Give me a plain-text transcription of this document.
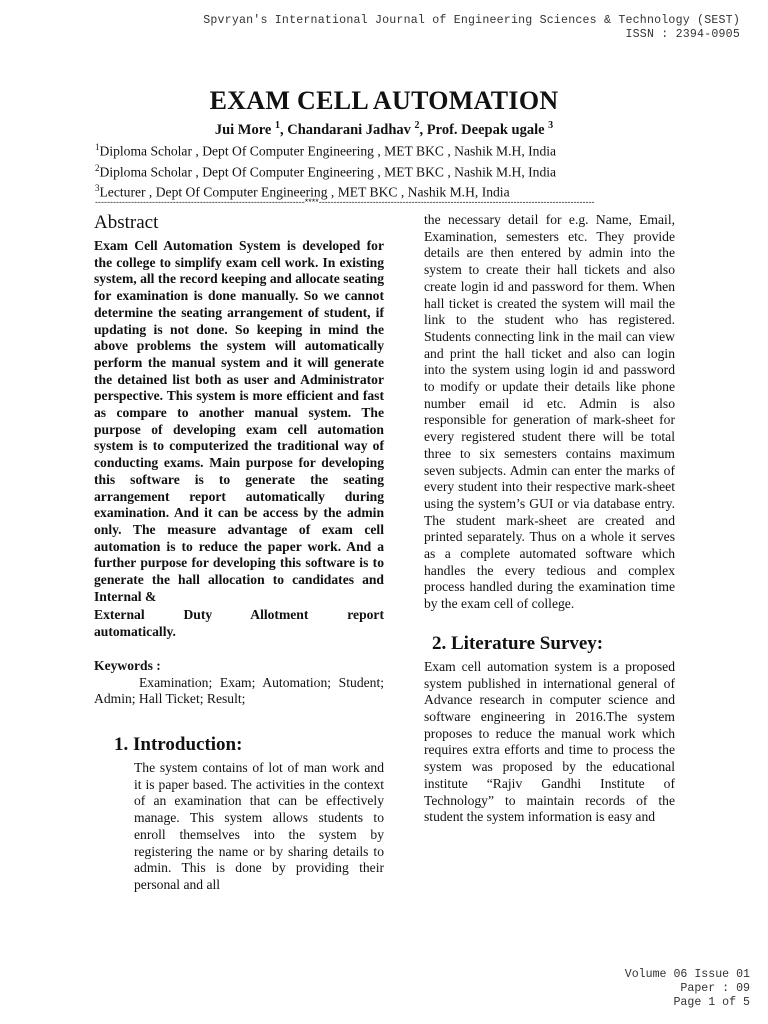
Spvryan's International Journal of Engineering Sciences & Technology (SEST)
ISSN : 2394-0905
EXAM CELL AUTOMATION
Jui More $^1$, Chandarani Jadhav $^2$, Prof. Deepak ugale $^3$
$^1$Diploma Scholar , Dept Of Computer Engineering , MET BKC , Nashik M.H, India
$^2$Diploma Scholar , Dept Of Computer Engineering , MET BKC , Nashik M.H, India
$^3$Lecturer , Dept Of Computer Engineering , MET BKC , Nashik M.H, India
----------------------------------------------------------------------****--------------------------------------------------------------------------------------------
Abstract

Exam Cell Automation System is developed for the college to simplify exam cell work. In existing system, all the record keeping and allocate seating for examination is done manually. So we cannot determine the seating arrangement of student, if updating is not done. So keeping in mind the above problems the system will automatically perform the manual system and it will generate the detained list both as user and Administrator perspective. This system is more efficient and fast as compare to another manual system. The purpose of developing exam cell automation system is to computerized the traditional way of conducting exams. Main purpose for developing this software is to generate the seating arrangement report automatically during examination. And it can be access by the admin only. The measure advantage of exam cell automation is to reduce the paper work. And a further purpose for developing this software is to generate the hall allocation to candidates and Internal &

External Duty Allotment report

automatically.

Keywords :

Examination; Exam; Automation; Student; Admin; Hall Ticket; Result;

1. Introduction:

The system contains of lot of man work and it is paper based. The activities in the context of an examination that can be effectively manage. This system allows students to enroll themselves into the system by registering the name or by sharing details to admin. This is done by providing their personal and all

the necessary detail for e.g. Name, Email, Examination, semesters etc. They provide details are then entered by admin into the system to create their hall tickets and also create login id and password for them. When hall ticket is created the system will mail the link to the student who has registered. Students connecting link in the mail can view and print the hall ticket and also can login into the system using login id and password to modify or update their details like phone number email id etc. Admin is also responsible for generation of mark-sheet for every registered student there will be total three to six semesters contains maximum seven subjects. Admin can enter the marks of every student into their respective mark-sheet using the system’s GUI or via database entry. The student mark-sheet are created and printed separately. Thus on a whole it serves as a complete automated software which handles the every tedious and complex process handled during the examination time by the exam cell of college.

2. Literature Survey:

Exam cell automation system is a proposed system published in international general of Advance research in computer science and software engineering in 2016.The system proposes to reduce the manual work which requires extra efforts and time to process the system was proposed by the educational institute “Rajiv Gandhi Institute of Technology” to maintain records of the student the system information is easy and

Volume 06 Issue 01
Paper : 09
Page 1 of 5
